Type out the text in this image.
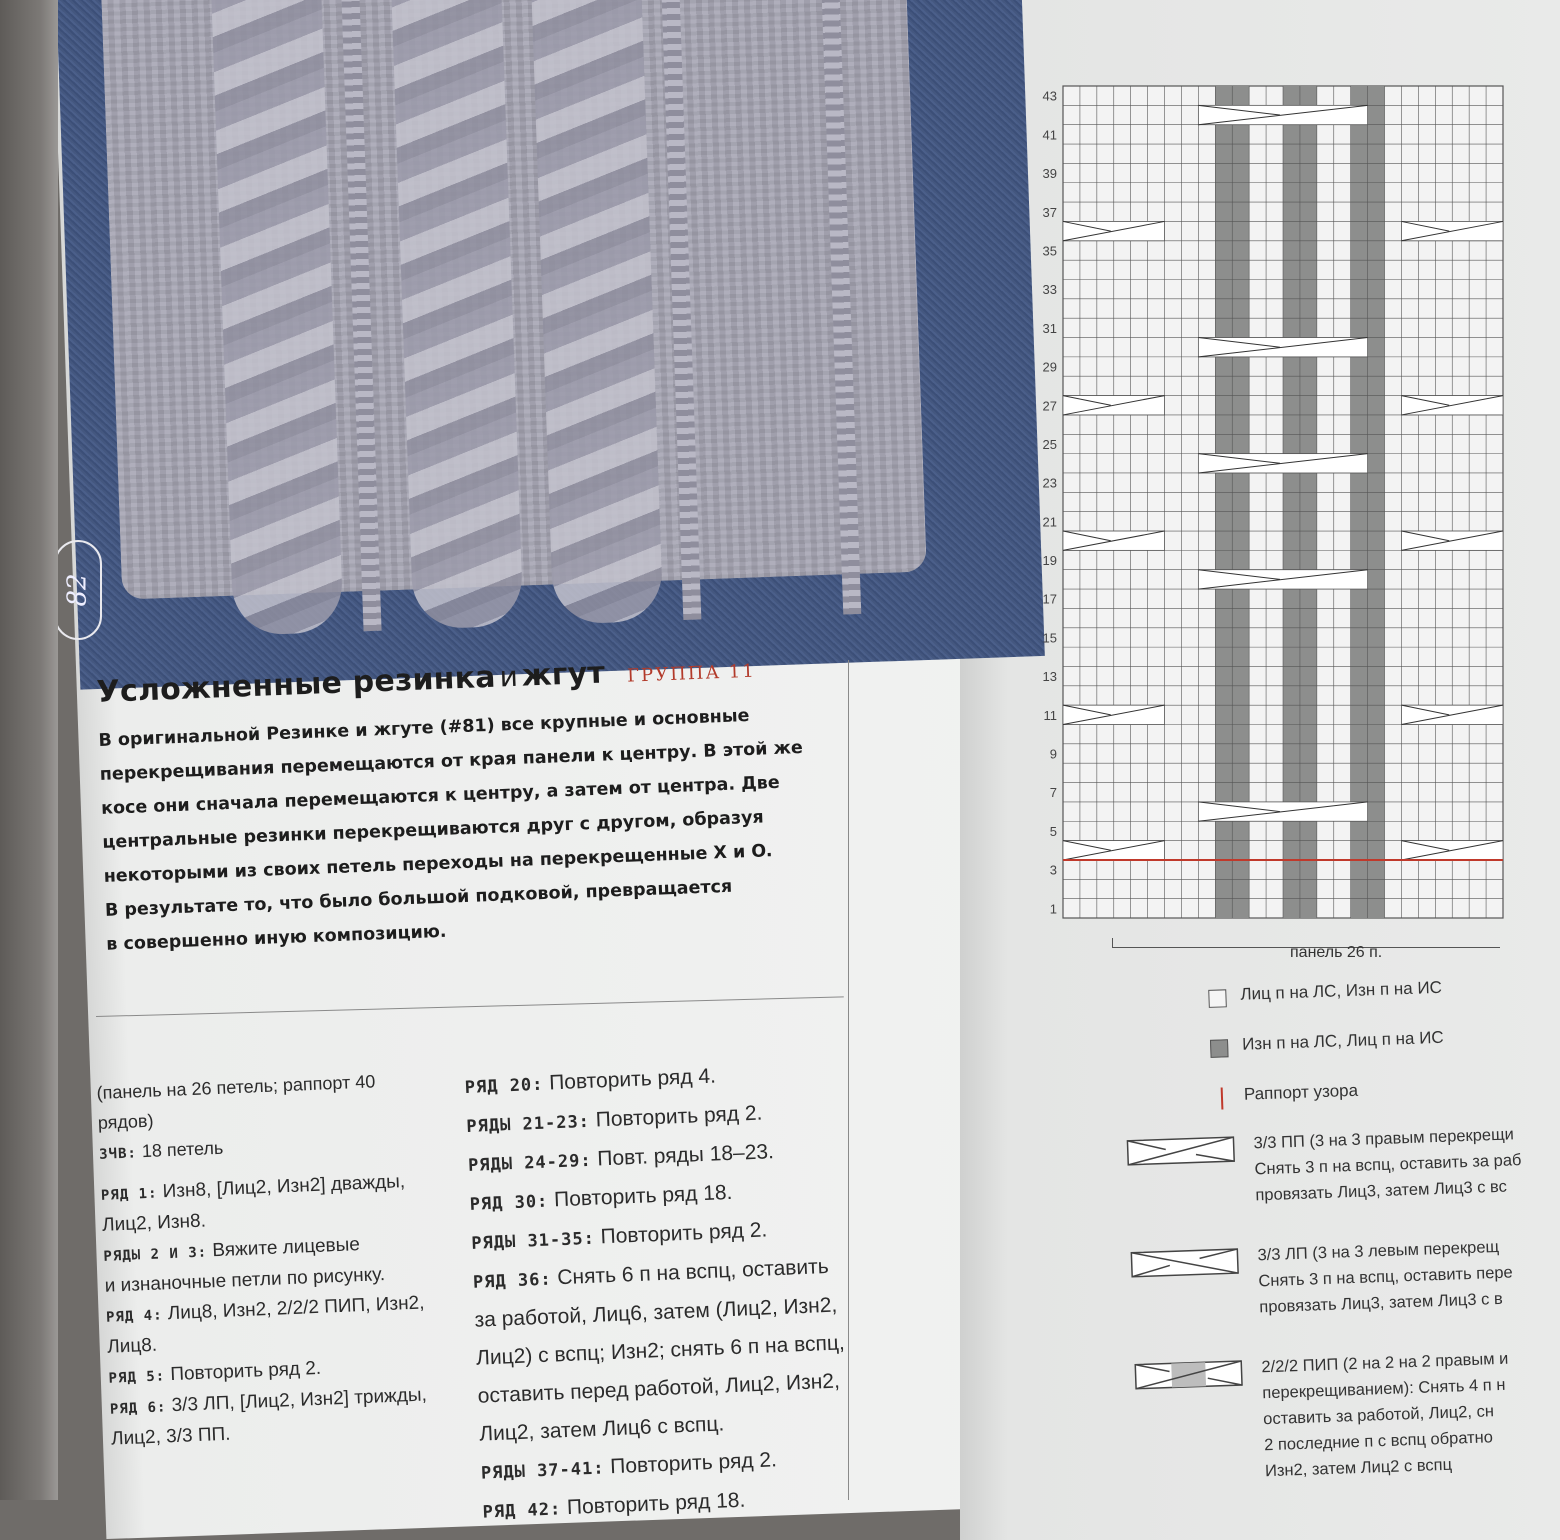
82
Усложненные резинка и жгут ГРУППА 11
В оригинальной Резинке и жгуте (#81) все крупные и основные
перекрещивания перемещаются от края панели к центру. В этой же
косе они сначала перемещаются к центру, а затем от центра. Две
центральные резинки перекрещиваются друг с другом, образуя
некоторыми из своих петель переходы на перекрещенные X и O.
В результате то, что было большой подковой, превращается
в совершенно иную композицию.
(панель на 26 петель; раппорт 40 рядов)
ЗЧВ: 18 петель
РЯД 1: Изн8, [Лиц2, Изн2] дважды,
Лиц2, Изн8.
РЯДЫ 2 И 3: Вяжите лицевые
и изнаночные петли по рисунку.
РЯД 4: Лиц8, Изн2, 2/2/2 ПИП, Изн2,
Лиц8.
РЯД 5: Повторить ряд 2.
РЯД 6: 3/3 ЛП, [Лиц2, Изн2] трижды,
Лиц2, 3/3 ПП.
РЯД 20: Повторить ряд 4.
РЯДЫ 21-23: Повторить ряд 2.
РЯДЫ 24-29: Повт. ряды 18–23.
РЯД 30: Повторить ряд 18.
РЯДЫ 31-35: Повторить ряд 2.
РЯД 36: Снять 6 п на вспц, оставить
за работой, Лиц6, затем (Лиц2, Изн2,
Лиц2) с вспц; Изн2; снять 6 п на вспц,
оставить перед работой, Лиц2, Изн2,
Лиц2, затем Лиц6 с вспц.
РЯДЫ 37-41: Повторить ряд 2.
РЯД 42: Повторить ряд 18.
1
3
5
7
9
11
13
15
17
19
21
23
25
27
29
31
33
35
37
39
41
43
панель 26 п.
Лиц п на ЛС, Изн п на ИС
Изн п на ЛС, Лиц п на ИС
Раппорт узора
3/3 ПП (3 на 3 правым перекрещи
Снять 3 п на вспц, оставить за раб
провязать Лиц3, затем Лиц3 с вс
3/3 ЛП (3 на 3 левым перекрещ
Снять 3 п на вспц, оставить пере
провязать Лиц3, затем Лиц3 с в
2/2/2 ПИП (2 на 2 на 2 правым и
перекрещиванием): Снять 4 п н
оставить за работой, Лиц2, сн
2 последние п с вспц обратно
Изн2, затем Лиц2 с вспц
